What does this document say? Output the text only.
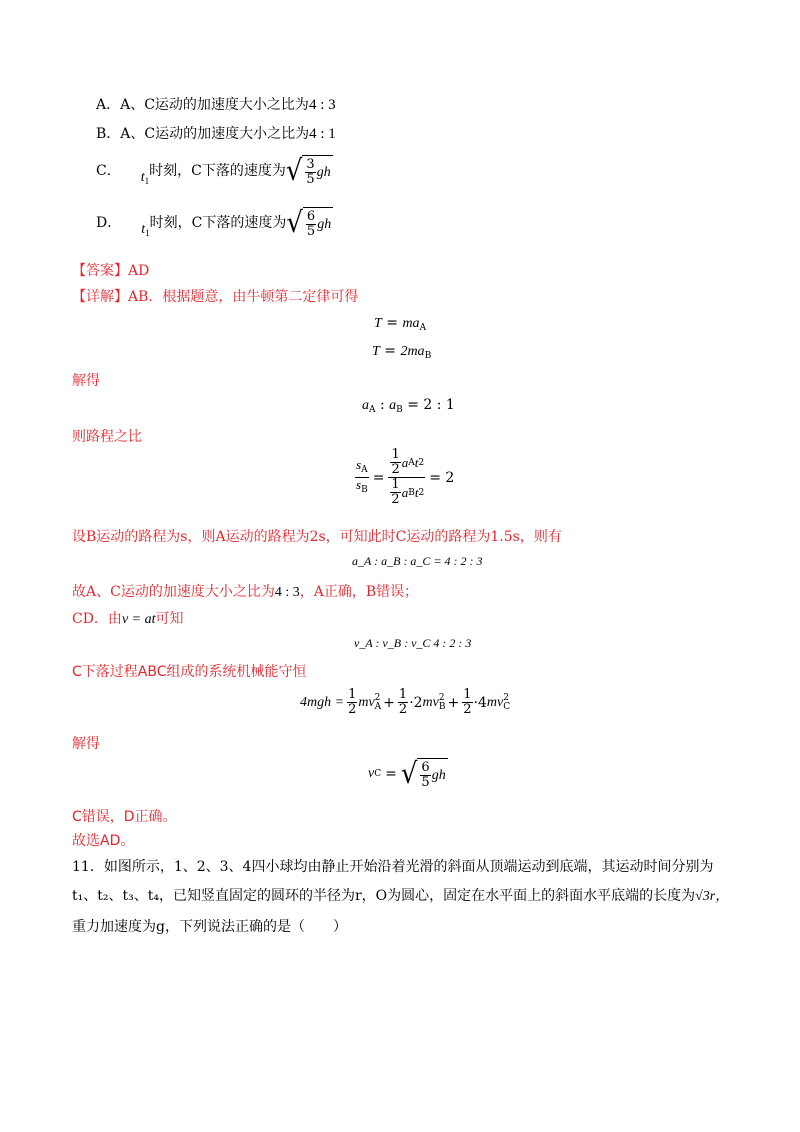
A．A、C运动的加速度大小之比为4 : 3
B．A、C运动的加速度大小之比为4 : 1
C． $t_1$
时刻，C下落的速度为 √ $\frac{3}{5}$ gh
D． $t_1$
时刻，C下落的速度为 √ $\frac{6}{5}$ gh
【答案】AD
【详解】AB．根据题意，由牛顿第二定律可得
$T = ma_A$
$T = 2ma_B$
解得
$a_A$ : $a_B = 2$ : 1
则路程之比
$\frac{s_A}{s_B} = \frac{\frac{1}{2} a A t 2}{\frac{1}{2} a B t 2} = 2$
设B运动的路程为s，则A运动的路程为2s，可知此时C运动的路程为1.5s，则有
a_A : a_B : a_C = 4 : 2 : 3
故A、C运动的加速度大小之比为4 : 3，A正确，B错误；
CD．由v = at可知
v_A : v_B : v_C 4 : 2 : 3
C下落过程ABC组成的系统机械能守恒
$4mgh = \frac{1}{2}$ mv 2
$A + \frac{1}{2} \cdot 2$ mv 2
$B + \frac{1}{2} \cdot 4$ mv 2
C
解得
v C = √ $\frac{6}{5}$ gh
C错误，D正确。
故选AD。
11．如图所示，1、2、3、4四小球均由静止开始沿着光滑的斜面从顶端运动到底端，其运动时间分别为
t₁、t₂、t₃、t₄，已知竖直固定的圆环的半径为r，O为圆心，固定在水平面上的斜面水平底端的长度为√3r，
重力加速度为g，下列说法正确的是（　　）
